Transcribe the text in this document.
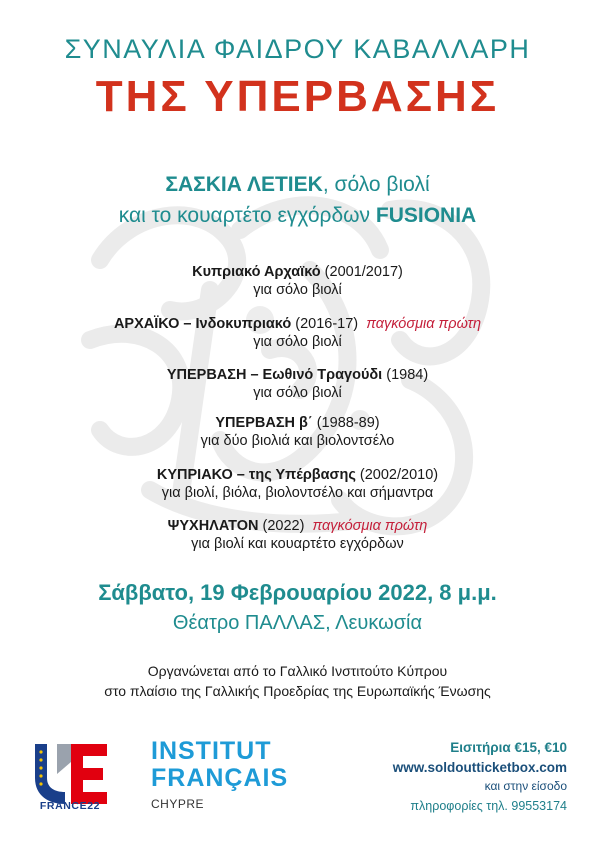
ΣΥΝΑΥΛΙΑ ΦΑΙΔΡΟΥ ΚΑΒΑΛΛΑΡΗ
ΤΗΣ ΥΠΕΡΒΑΣΗΣ
ΣΑΣΚΙΑ ΛΕΤΙΕΚ, σόλο βιολί
και το κουαρτέτο εγχόρδων FUSIONIA
Κυπριακό Αρχαϊκό (2001/2017)
για σόλο βιολί
ΑΡΧΑΪΚΟ – Ινδοκυπριακό (2016-17) παγκόσμια πρώτη
για σόλο βιολί
ΥΠΕΡΒΑΣΗ – Εωθινό Τραγούδι (1984)
για σόλο βιολί
ΥΠΕΡΒΑΣΗ β΄ (1988-89)
για δύο βιολιά και βιολοντσέλο
ΚΥΠΡΙΑΚΟ – της Υπέρβασης (2002/2010)
για βιολί, βιόλα, βιολοντσέλο και σήμαντρα
ΨΥΧΗΛΑΤΟΝ (2022) παγκόσμια πρώτη
για βιολί και κουαρτέτο εγχόρδων
Σάββατο, 19 Φεβρουαρίου 2022, 8 μ.μ.
Θέατρο ΠΑΛΛΑΣ, Λευκωσία
Οργανώνεται από το Γαλλικό Ινστιτούτο Κύπρου
στο πλαίσιο της Γαλλικής Προεδρίας της Ευρωπαϊκής Ένωσης
FRANCE22
INSTITUT
FRANÇAIS
CHYPRE
Εισιτήρια €15, €10
www.soldoutticketbox.com
και στην είσοδο
πληροφορίες τηλ. 99553174
